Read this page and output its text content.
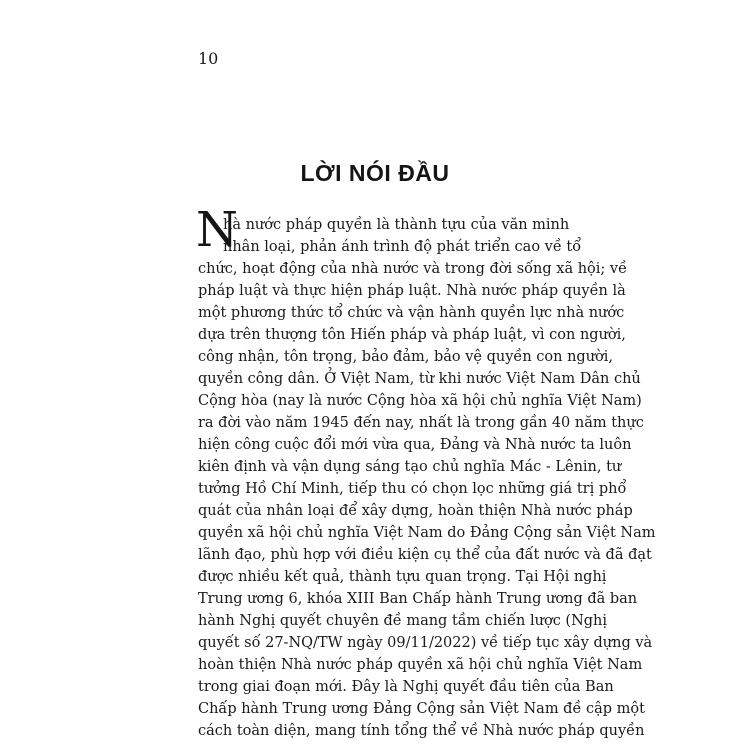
10
LỜI NÓI ĐẦU
N
hà nước pháp quyền là thành tựu của văn minh
nhân loại, phản ánh trình độ phát triển cao về tổ
chức, hoạt động của nhà nước và trong đời sống xã hội; về
pháp luật và thực hiện pháp luật. Nhà nước pháp quyền là
một phương thức tổ chức và vận hành quyền lực nhà nước
dựa trên thượng tôn Hiến pháp và pháp luật, vì con người,
công nhận, tôn trọng, bảo đảm, bảo vệ quyền con người,
quyền công dân. Ở Việt Nam, từ khi nước Việt Nam Dân chủ
Cộng hòa (nay là nước Cộng hòa xã hội chủ nghĩa Việt Nam)
ra đời vào năm 1945 đến nay, nhất là trong gần 40 năm thực
hiện công cuộc đổi mới vừa qua, Đảng và Nhà nước ta luôn
kiên định và vận dụng sáng tạo chủ nghĩa Mác - Lênin, tư
tưởng Hồ Chí Minh, tiếp thu có chọn lọc những giá trị phổ
quát của nhân loại để xây dựng, hoàn thiện Nhà nước pháp
quyền xã hội chủ nghĩa Việt Nam do Đảng Cộng sản Việt Nam
lãnh đạo, phù hợp với điều kiện cụ thể của đất nước và đã đạt
được nhiều kết quả, thành tựu quan trọng. Tại Hội nghị
Trung ương 6, khóa XIII Ban Chấp hành Trung ương đã ban
hành Nghị quyết chuyên đề mang tầm chiến lược (Nghị
quyết số 27-NQ/TW ngày 09/11/2022) về tiếp tục xây dựng và
hoàn thiện Nhà nước pháp quyền xã hội chủ nghĩa Việt Nam
trong giai đoạn mới. Đây là Nghị quyết đầu tiên của Ban
Chấp hành Trung ương Đảng Cộng sản Việt Nam đề cập một
cách toàn diện, mang tính tổng thể về Nhà nước pháp quyền
